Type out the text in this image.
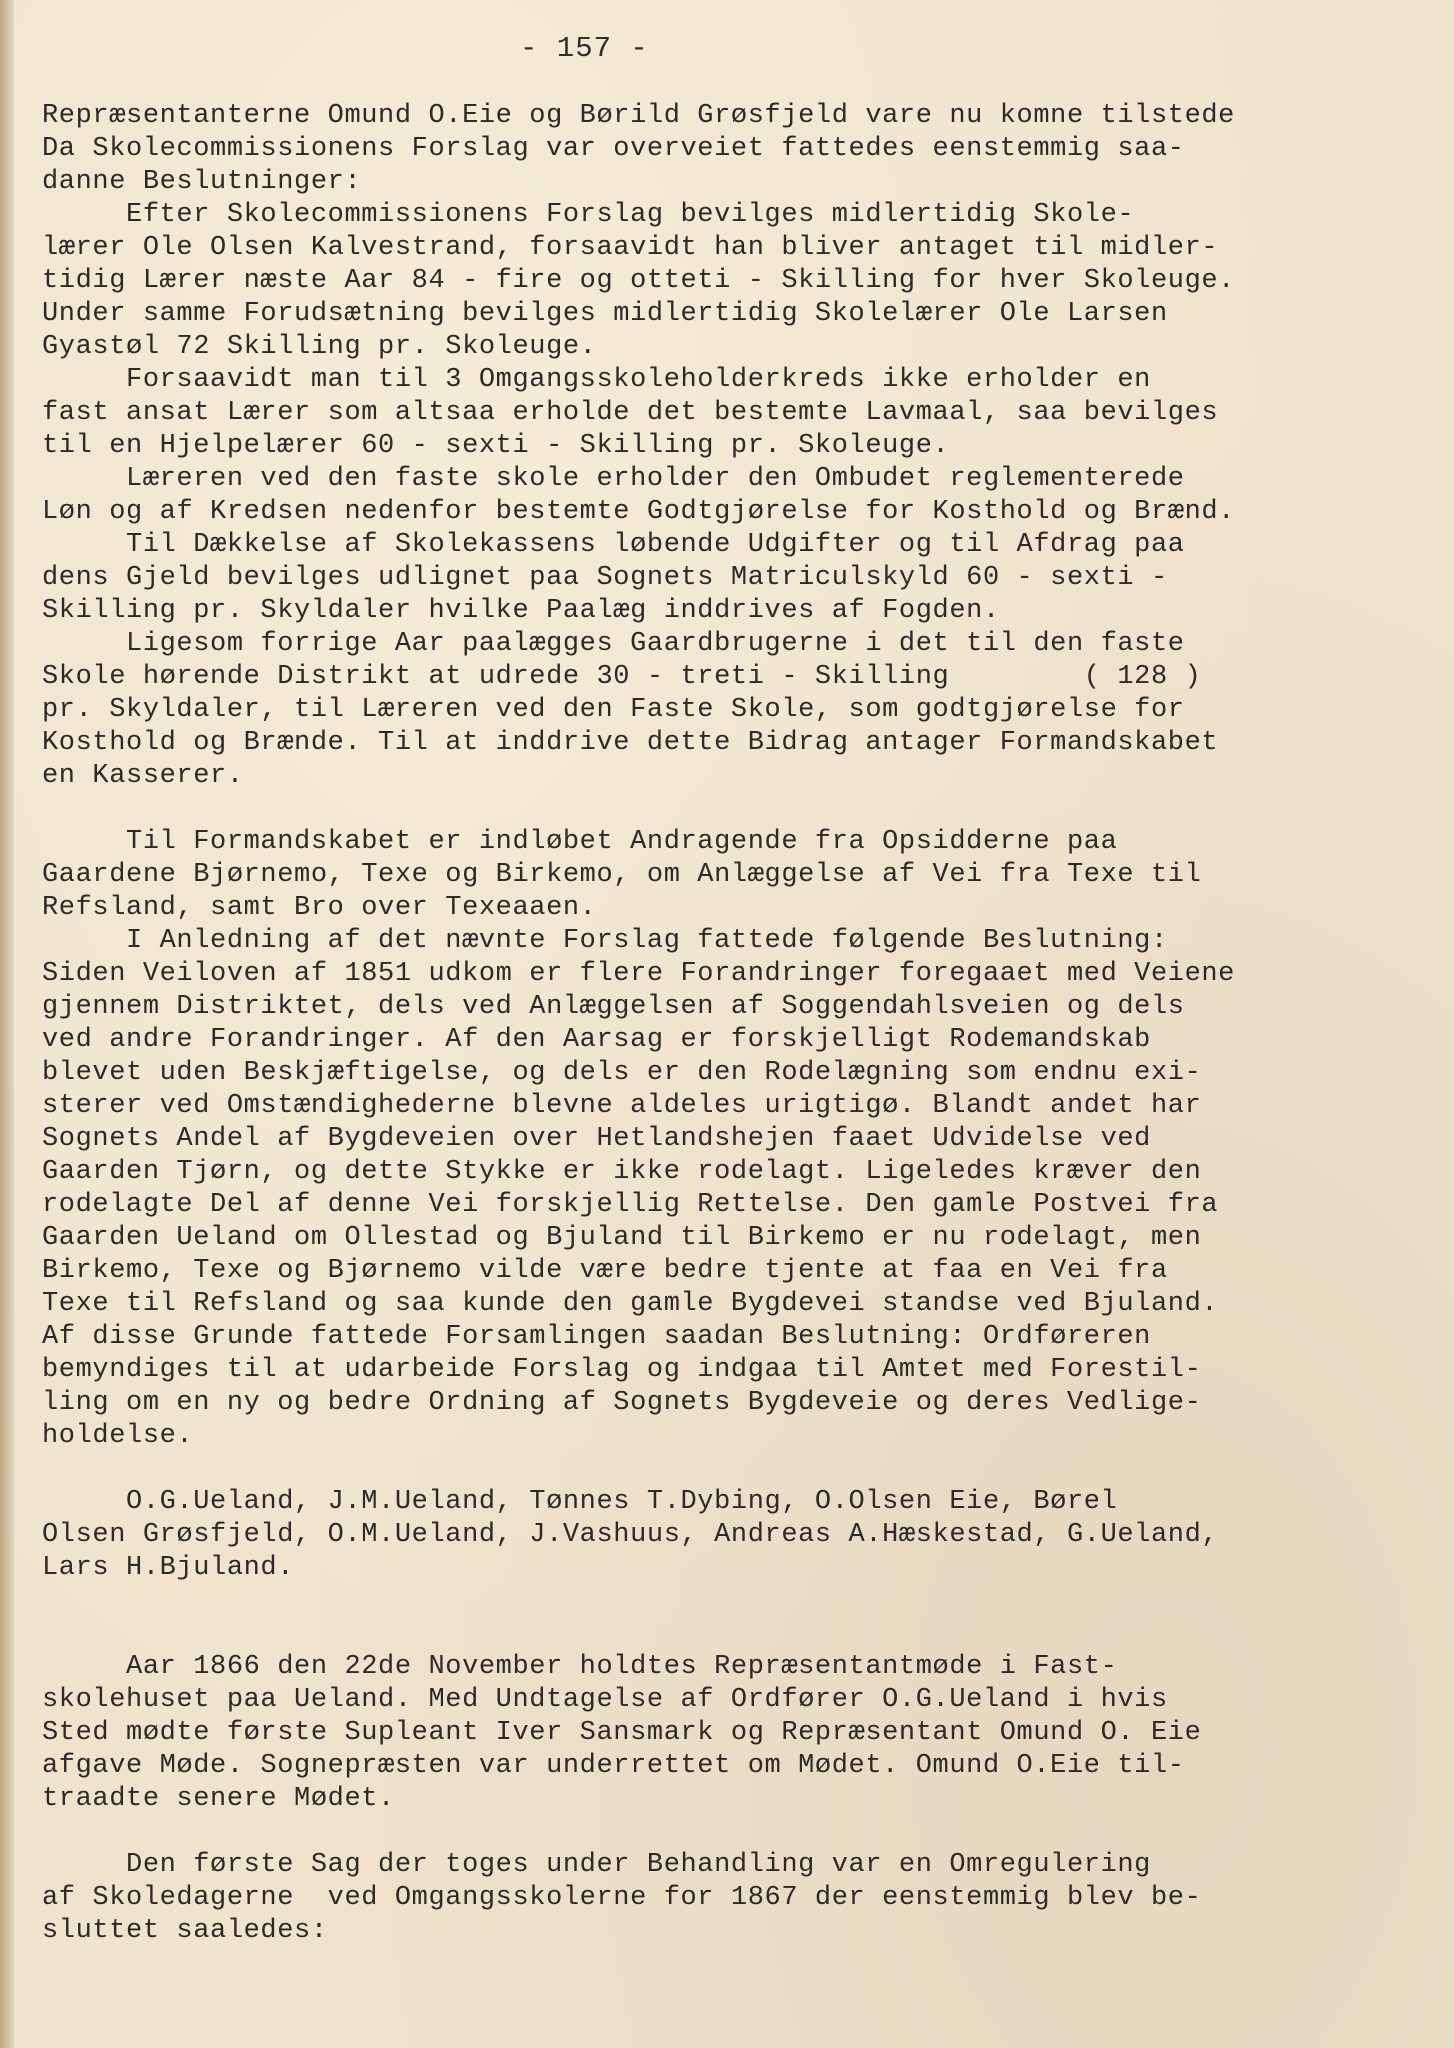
- 157 -
Repræsentanterne Omund O.Eie og Børild Grøsfjeld vare nu komne tilstede
Da Skolecommissionens Forslag var overveiet fattedes eenstemmig saa-
danne Beslutninger:
Efter Skolecommissionens Forslag bevilges midlertidig Skole-
lærer Ole Olsen Kalvestrand, forsaavidt han bliver antaget til midler-
tidig Lærer næste Aar 84 - fire og otteti - Skilling for hver Skoleuge.
Under samme Forudsætning bevilges midlertidig Skolelærer Ole Larsen
Gyastøl 72 Skilling pr. Skoleuge.
Forsaavidt man til 3 Omgangsskoleholderkreds ikke erholder en
fast ansat Lærer som altsaa erholde det bestemte Lavmaal, saa bevilges
til en Hjelpelærer 60 - sexti - Skilling pr. Skoleuge.
Læreren ved den faste skole erholder den Ombudet reglementerede
Løn og af Kredsen nedenfor bestemte Godtgjørelse for Kosthold og Brænd.
Til Dækkelse af Skolekassens løbende Udgifter og til Afdrag paa
dens Gjeld bevilges udlignet paa Sognets Matriculskyld 60 - sexti -
Skilling pr. Skyldaler hvilke Paalæg inddrives af Fogden.
Ligesom forrige Aar paalægges Gaardbrugerne i det til den faste
Skole hørende Distrikt at udrede 30 - treti - Skilling        ( 128 )
pr. Skyldaler, til Læreren ved den Faste Skole, som godtgjørelse for
Kosthold og Brænde. Til at inddrive dette Bidrag antager Formandskabet
en Kasserer.
Til Formandskabet er indløbet Andragende fra Opsidderne paa
Gaardene Bjørnemo, Texe og Birkemo, om Anlæggelse af Vei fra Texe til
Refsland, samt Bro over Texeaaen.
I Anledning af det nævnte Forslag fattede følgende Beslutning:
Siden Veiloven af 1851 udkom er flere Forandringer foregaaet med Veiene
gjennem Distriktet, dels ved Anlæggelsen af Soggendahlsveien og dels
ved andre Forandringer. Af den Aarsag er forskjelligt Rodemandskab
blevet uden Beskjæftigelse, og dels er den Rodelægning som endnu exi-
sterer ved Omstændighederne blevne aldeles urigtigø. Blandt andet har
Sognets Andel af Bygdeveien over Hetlandshejen faaet Udvidelse ved
Gaarden Tjørn, og dette Stykke er ikke rodelagt. Ligeledes kræver den
rodelagte Del af denne Vei forskjellig Rettelse. Den gamle Postvei fra
Gaarden Ueland om Ollestad og Bjuland til Birkemo er nu rodelagt, men
Birkemo, Texe og Bjørnemo vilde være bedre tjente at faa en Vei fra
Texe til Refsland og saa kunde den gamle Bygdevei standse ved Bjuland.
Af disse Grunde fattede Forsamlingen saadan Beslutning: Ordføreren
bemyndiges til at udarbeide Forslag og indgaa til Amtet med Forestil-
ling om en ny og bedre Ordning af Sognets Bygdeveie og deres Vedlige-
holdelse.
O.G.Ueland, J.M.Ueland, Tønnes T.Dybing, O.Olsen Eie, Børel
Olsen Grøsfjeld, O.M.Ueland, J.Vashuus, Andreas A.Hæskestad, G.Ueland,
Lars H.Bjuland.
Aar 1866 den 22de November holdtes Repræsentantmøde i Fast-
skolehuset paa Ueland. Med Undtagelse af Ordfører O.G.Ueland i hvis
Sted mødte første Supleant Iver Sansmark og Repræsentant Omund O. Eie
afgave Møde. Sognepræsten var underrettet om Mødet. Omund O.Eie til-
traadte senere Mødet.
Den første Sag der toges under Behandling var en Omregulering
af Skoledagerne  ved Omgangsskolerne for 1867 der eenstemmig blev be-
sluttet saaledes:
